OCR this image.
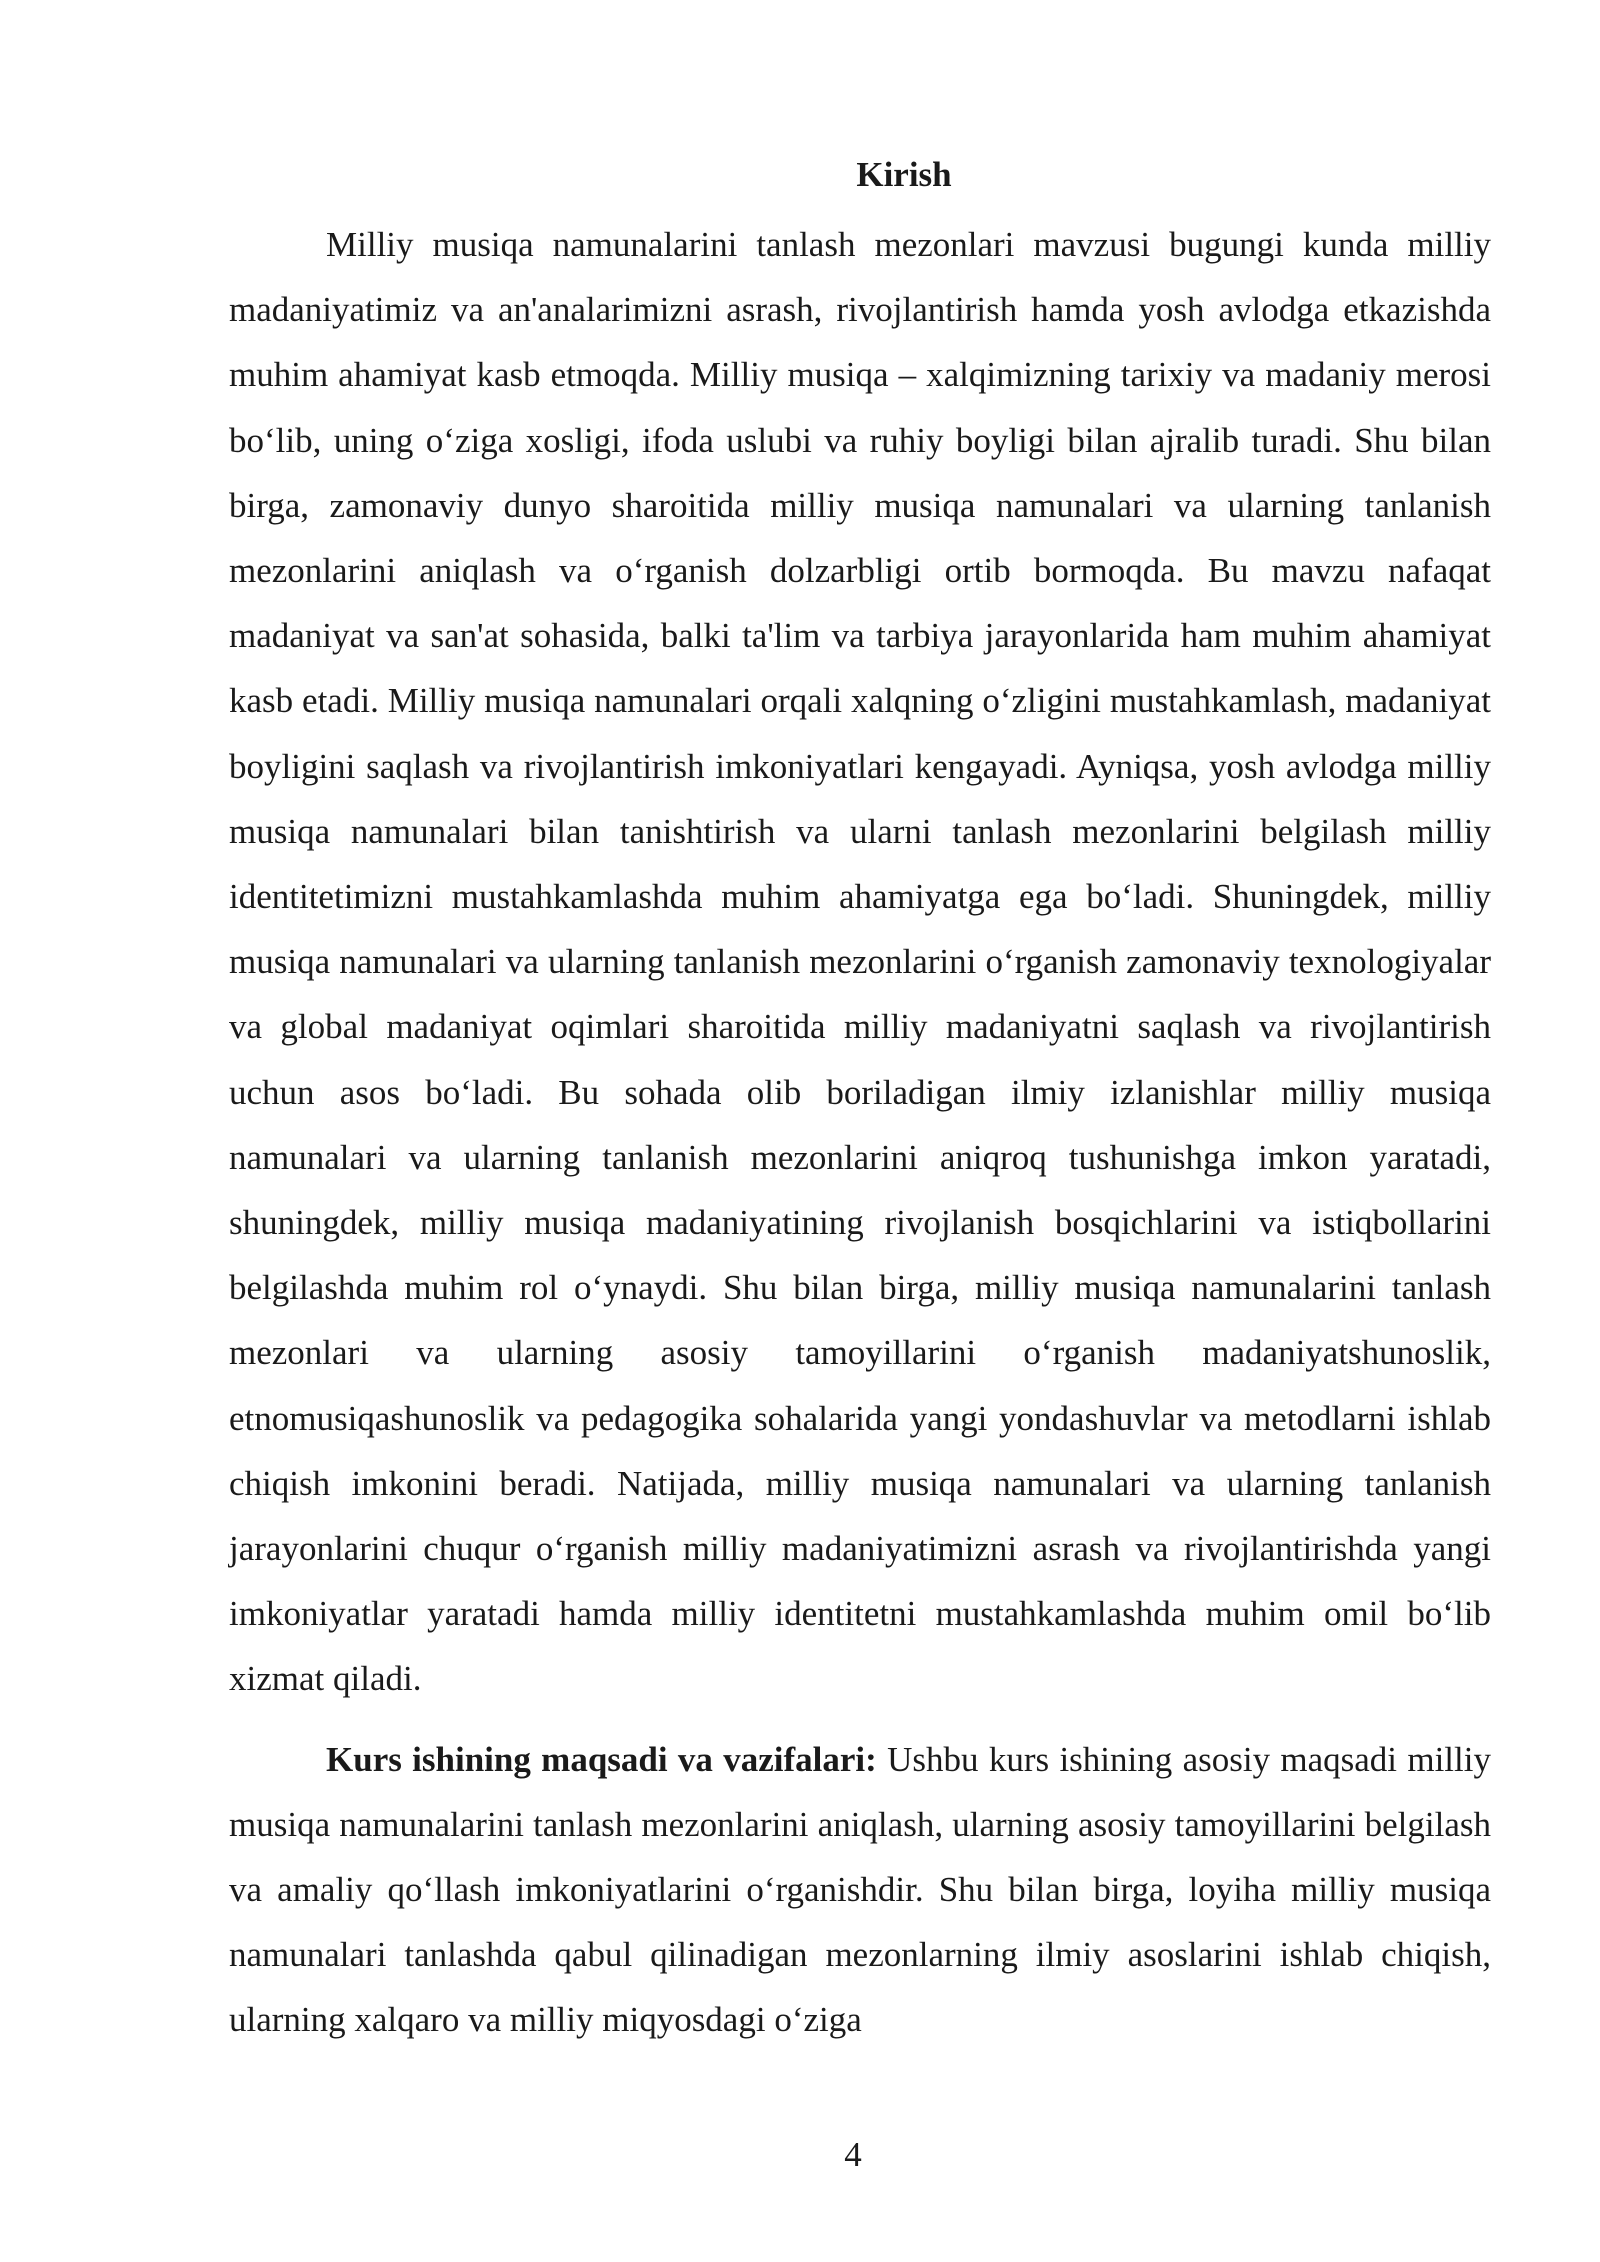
Kirish

Milliy musiqa namunalarini tanlash mezonlari mavzusi bugungi kunda milliy madaniyatimiz va an'analarimizni asrash, rivojlantirish hamda yosh avlodga etkazishda muhim ahamiyat kasb etmoqda. Milliy musiqa – xalqimizning tarixiy va madaniy merosi bo‘lib, uning o‘ziga xosligi, ifoda uslubi va ruhiy boyligi bilan ajralib turadi. Shu bilan birga, zamonaviy dunyo sharoitida milliy musiqa namunalari va ularning tanlanish mezonlarini aniqlash va o‘rganish dolzarbligi ortib bormoqda. Bu mavzu nafaqat madaniyat va san'at sohasida, balki ta'lim va tarbiya jarayonlarida ham muhim ahamiyat kasb etadi. Milliy musiqa namunalari orqali xalqning o‘zligini mustahkamlash, madaniyat boyligini saqlash va rivojlantirish imkoniyatlari kengayadi. Ayniqsa, yosh avlodga milliy musiqa namunalari bilan tanishtirish va ularni tanlash mezonlarini belgilash milliy identitetimizni mustahkamlashda muhim ahamiyatga ega bo‘ladi. Shuningdek, milliy musiqa namunalari va ularning tanlanish mezonlarini o‘rganish zamonaviy texnologiyalar va global madaniyat oqimlari sharoitida milliy madaniyatni saqlash va rivojlantirish uchun asos bo‘ladi. Bu sohada olib boriladigan ilmiy izlanishlar milliy musiqa namunalari va ularning tanlanish mezonlarini aniqroq tushunishga imkon yaratadi, shuningdek, milliy musiqa madaniyatining rivojlanish bosqichlarini va istiqbollarini belgilashda muhim rol o‘ynaydi. Shu bilan birga, milliy musiqa namunalarini tanlash mezonlari va ularning asosiy tamoyillarini o‘rganish madaniyatshunoslik, etnomusiqashunoslik va pedagogika sohalarida yangi yondashuvlar va metodlarni ishlab chiqish imkonini beradi. Natijada, milliy musiqa namunalari va ularning tanlanish jarayonlarini chuqur o‘rganish milliy madaniyatimizni asrash va rivojlantirishda yangi imkoniyatlar yaratadi hamda milliy identitetni mustahkamlashda muhim omil bo‘lib xizmat qiladi.

Kurs ishining maqsadi va vazifalari: Ushbu kurs ishining asosiy maqsadi milliy musiqa namunalarini tanlash mezonlarini aniqlash, ularning asosiy tamoyillarini belgilash va amaliy qo‘llash imkoniyatlarini o‘rganishdir. Shu bilan birga, loyiha milliy musiqa namunalari tanlashda qabul qilinadigan mezonlarning ilmiy asoslarini ishlab chiqish, ularning xalqaro va milliy miqyosdagi o‘ziga

4
